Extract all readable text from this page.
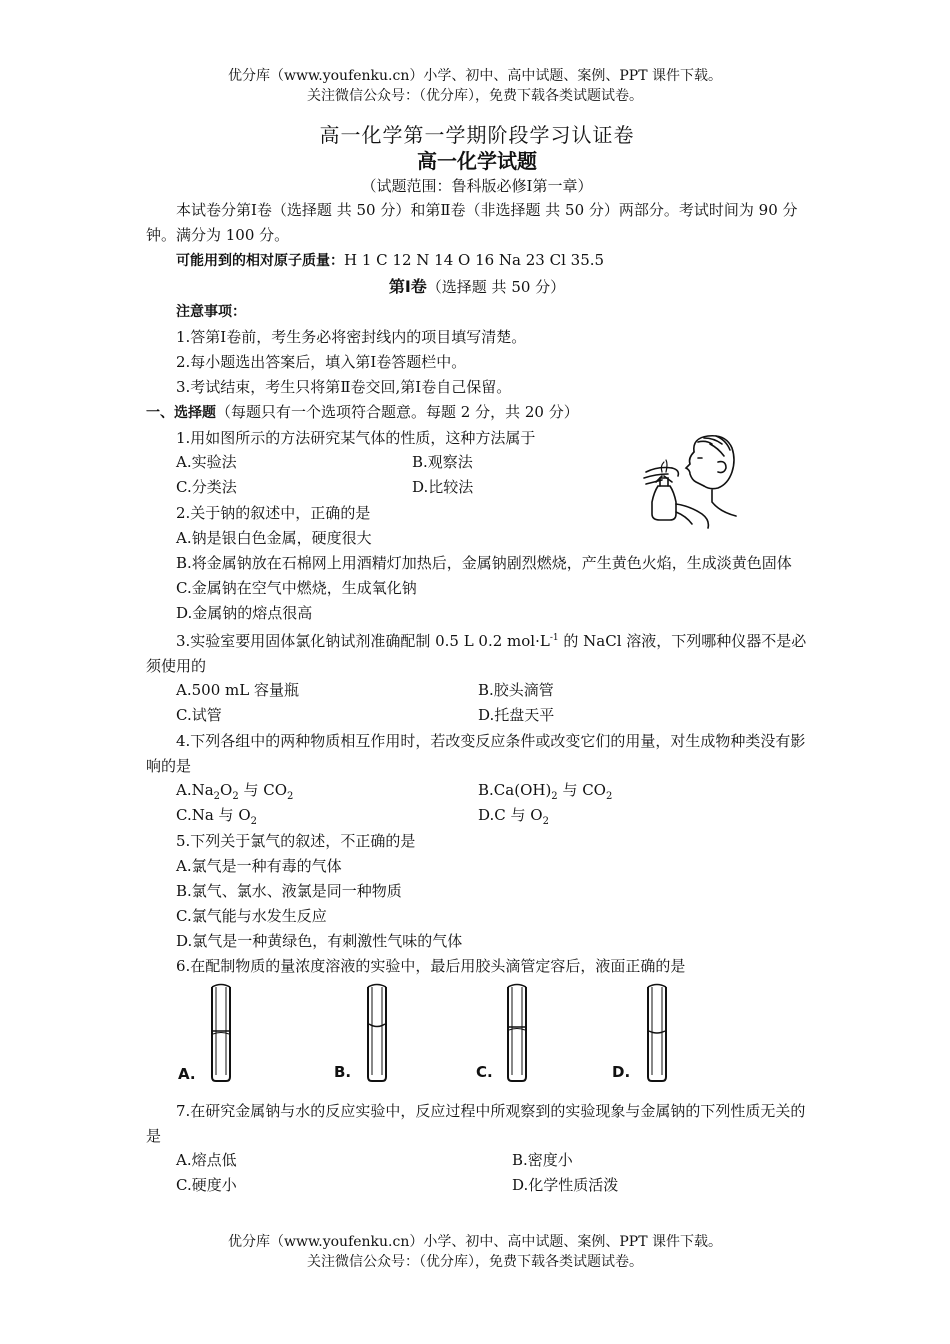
优分库（www.youfenku.cn）小学、初中、高中试题、案例、PPT 课件下载。
关注微信公众号：（优分库），免费下载各类试题试卷。
高一化学第一学期阶段学习认证卷
高一化学试题
（试题范围：鲁科版必修Ⅰ第一章）
本试卷分第Ⅰ卷（选择题 共 50 分）和第Ⅱ卷（非选择题 共 50 分）两部分。考试时间为 90 分钟。满分为 100 分。
可能用到的相对原子质量：H 1 C 12 N 14 O 16 Na 23 Cl 35.5
第Ⅰ卷（选择题 共 50 分）
注意事项：
1.答第Ⅰ卷前，考生务必将密封线内的项目填写清楚。
2.每小题选出答案后，填入第Ⅰ卷答题栏中。
3.考试结束，考生只将第Ⅱ卷交回,第Ⅰ卷自己保留。
一、选择题（每题只有一个选项符合题意。每题 2 分，共 20 分）
1.用如图所示的方法研究某气体的性质，这种方法属于
A.实验法	B.观察法
C.分类法	D.比较法
2.关于钠的叙述中，正确的是
A.钠是银白色金属，硬度很大
B.将金属钠放在石棉网上用酒精灯加热后，金属钠剧烈燃烧，产生黄色火焰，生成淡黄色固体
C.金属钠在空气中燃烧，生成氧化钠
D.金属钠的熔点很高
3.实验室要用固体氯化钠试剂准确配制 0.5 L 0.2 $mol\cdot L^{-1}$ 的 NaCl 溶液，下列哪种仪器不是必须使用的
A.500 mL 容量瓶	B.胶头滴管
C.试管	D.托盘天平
4.下列各组中的两种物质相互作用时，若改变反应条件或改变它们的用量，对生成物种类没有影响的是
$A.Na_2O_2$ 与 $CO_2$	$B.Ca(OH)_2$ 与 $CO_2$
C.Na 与 $O_2$	D.C 与 $O_2$
5.下列关于氯气的叙述，不正确的是
A.氯气是一种有毒的气体
B.氯气、氯水、液氯是同一种物质
C.氯气能与水发生反应
D.氯气是一种黄绿色，有刺激性气味的气体
6.在配制物质的量浓度溶液的实验中，最后用胶头滴管定容后，液面正确的是
A.	B.	C.	D.
7.在研究金属钠与水的反应实验中，反应过程中所观察到的实验现象与金属钠的下列性质无关的是
A.熔点低	B.密度小
C.硬度小	D.化学性质活泼
优分库（www.youfenku.cn）小学、初中、高中试题、案例、PPT 课件下载。
关注微信公众号：（优分库），免费下载各类试题试卷。
